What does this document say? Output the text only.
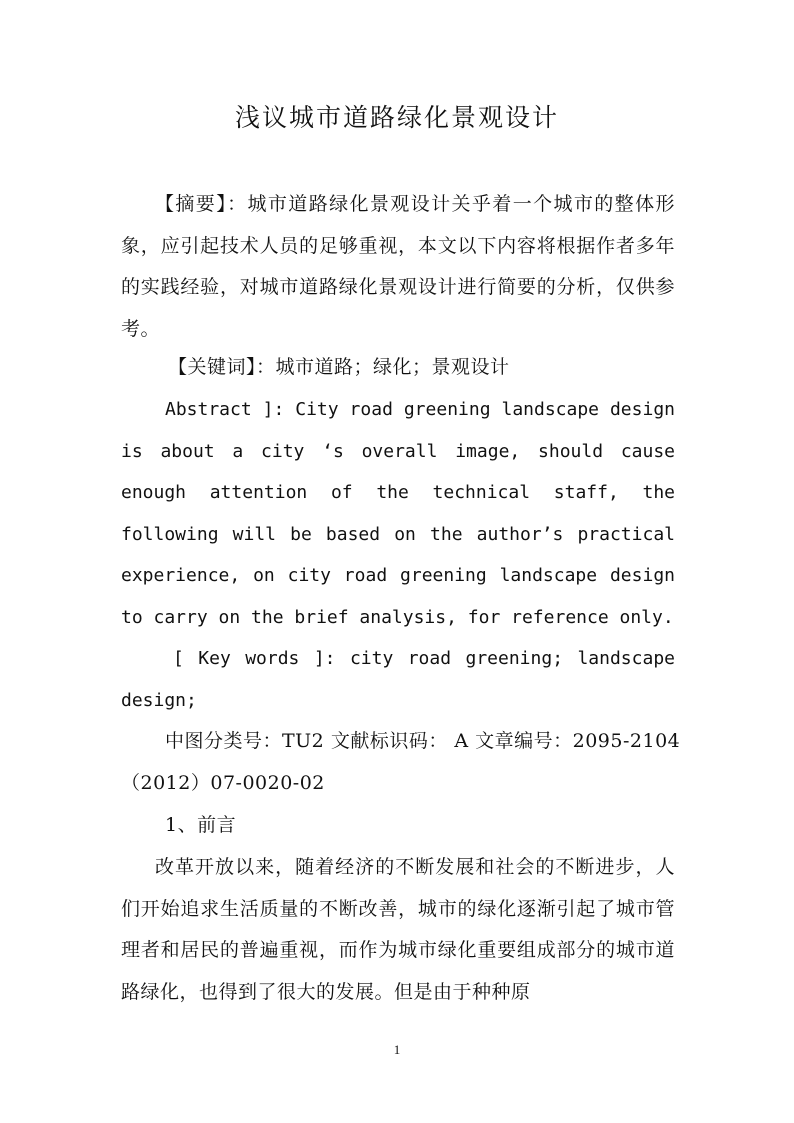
浅议城市道路绿化景观设计
【摘要】：城市道路绿化景观设计关乎着一个城市的整体形象，应引起技术人员的足够重视，本文以下内容将根据作者多年的实践经验，对城市道路绿化景观设计进行简要的分析，仅供参考。
【关键词】：城市道路；绿化；景观设计
Abstract ]: City road greening landscape design
is about a city ‘s overall image, should cause
enough attention of the technical staff, the
following will be based on the author’s practical
experience, on city road greening landscape design
to carry on the brief analysis, for reference only.
[ Key words ]: city road greening; landscape
design;
中图分类号：TU2 文献标识码： A 文章编号：2095-2104
（2012）07-0020-02
1、前言
改革开放以来，随着经济的不断发展和社会的不断进步，人们开始追求生活质量的不断改善，城市的绿化逐渐引起了城市管理者和居民的普遍重视，而作为城市绿化重要组成部分的城市道路绿化，也得到了很大的发展。但是由于种种原
1
